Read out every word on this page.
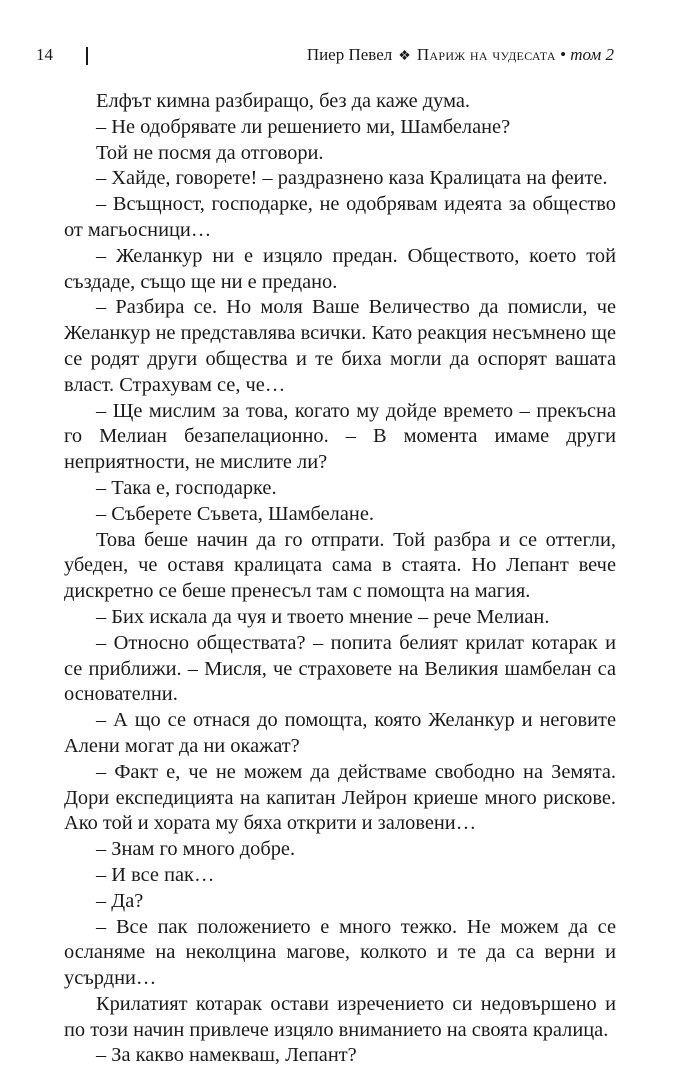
14	Пиер Певел ❖ Париж на чудесата • том 2

Елфът кимна разбиращо, без да каже дума.

– Не одобрявате ли решението ми, Шамбелане?

Той не посмя да отговори.

– Хайде, говорете! – раздразнено каза Кралицата на феите.

– Всъщност, господарке, не одобрявам идеята за общество от магьосници…

– Желанкур ни е изцяло предан. Обществото, което той създаде, също ще ни е предано.

– Разбира се. Но моля Ваше Величество да помисли, че Желанкур не представлява всички. Като реакция несъмнено ще се родят други общества и те биха могли да оспорят вашата власт. Страхувам се, че…

– Ще мислим за това, когато му дойде времето – прекъсна го Мелиан безапелационно. – В момента имаме други неприятности, не мислите ли?

– Така е, господарке.

– Съберете Съвета, Шамбелане.

Това беше начин да го отпрати. Той разбра и се оттегли, убеден, че оставя кралицата сама в стаята. Но Лепант вече дискретно се беше пренесъл там с помощта на магия.

– Бих искала да чуя и твоето мнение – рече Мелиан.

– Относно обществата? – попита белият крилат котарак и се приближи. – Мисля, че страховете на Великия шамбелан са основателни.

– А що се отнася до помощта, която Желанкур и неговите Алени могат да ни окажат?

– Факт е, че не можем да действаме свободно на Земята. Дори експедицията на капитан Лейрон криеше много рискове. Ако той и хората му бяха открити и заловени…

– Знам го много добре.

– И все пак…

– Да?

– Все пак положението е много тежко. Не можем да се осланяме на неколцина магове, колкото и те да са верни и усърдни…

Крилатият котарак остави изречението си недовършено и по този начин привлече изцяло вниманието на своята кралица.

– За какво намекваш, Лепант?
